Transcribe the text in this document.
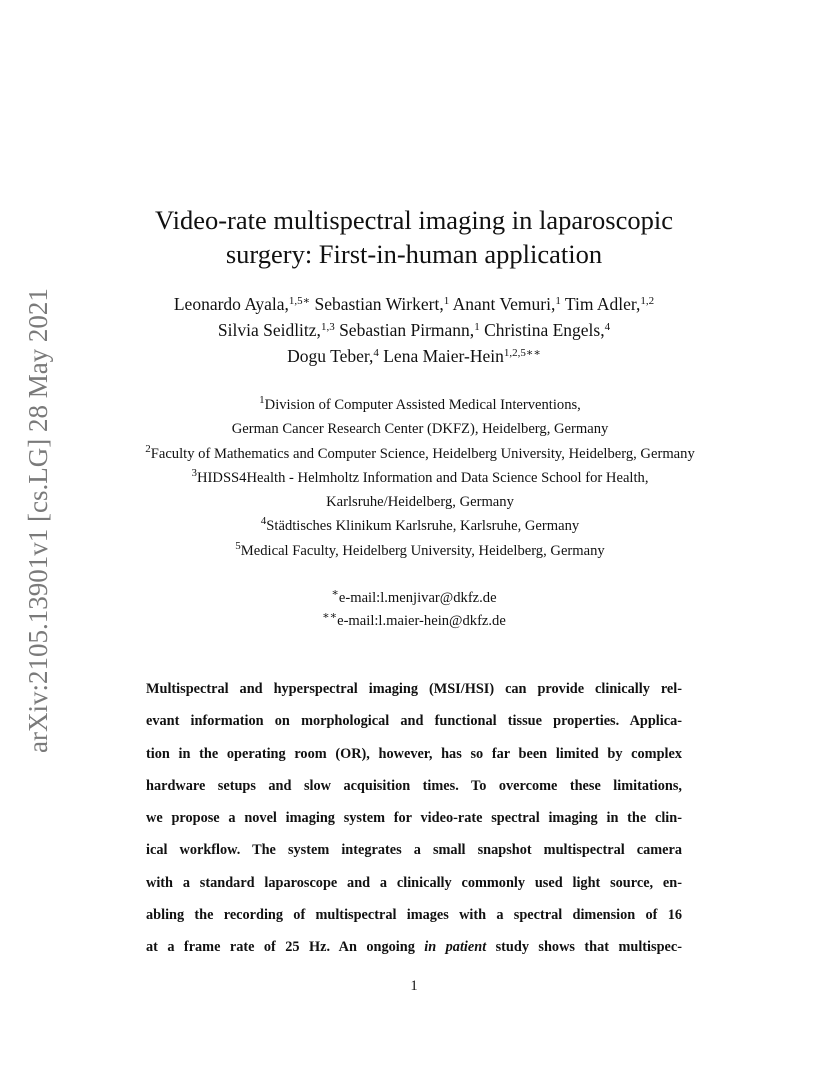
arXiv:2105.13901v1 [cs.LG] 28 May 2021
Video-rate multispectral imaging in laparoscopic
surgery: First-in-human application
Leonardo Ayala,$^{1,5∗}$ Sebastian Wirkert,$^1$ Anant Vemuri,$^1$ Tim Adler,$^{1,2}$
Silvia Seidlitz,$^{1,3}$ Sebastian Pirmann,$^1$ Christina Engels,$^4$
Dogu Teber,$^4$ Lena Maier-Hein$^{1,2,5∗∗}$
$^1$Division of Computer Assisted Medical Interventions,
German Cancer Research Center (DKFZ), Heidelberg, Germany
$^2$Faculty of Mathematics and Computer Science, Heidelberg University, Heidelberg, Germany
$^3$HIDSS4Health - Helmholtz Information and Data Science School for Health,
Karlsruhe/Heidelberg, Germany
$^4$Städtisches Klinikum Karlsruhe, Karlsruhe, Germany
$^5$Medical Faculty, Heidelberg University, Heidelberg, Germany
∗e-mail:l.menjivar@dkfz.de
∗∗e-mail:l.maier-hein@dkfz.de
Multispectral and hyperspectral imaging (MSI/HSI) can provide clinically rel-
evant information on morphological and functional tissue properties. Applica-
tion in the operating room (OR), however, has so far been limited by complex
hardware setups and slow acquisition times. To overcome these limitations,
we propose a novel imaging system for video-rate spectral imaging in the clin-
ical workflow. The system integrates a small snapshot multispectral camera
with a standard laparoscope and a clinically commonly used light source, en-
abling the recording of multispectral images with a spectral dimension of 16
at a frame rate of 25 Hz. An ongoing in patient study shows that multispec-
1
